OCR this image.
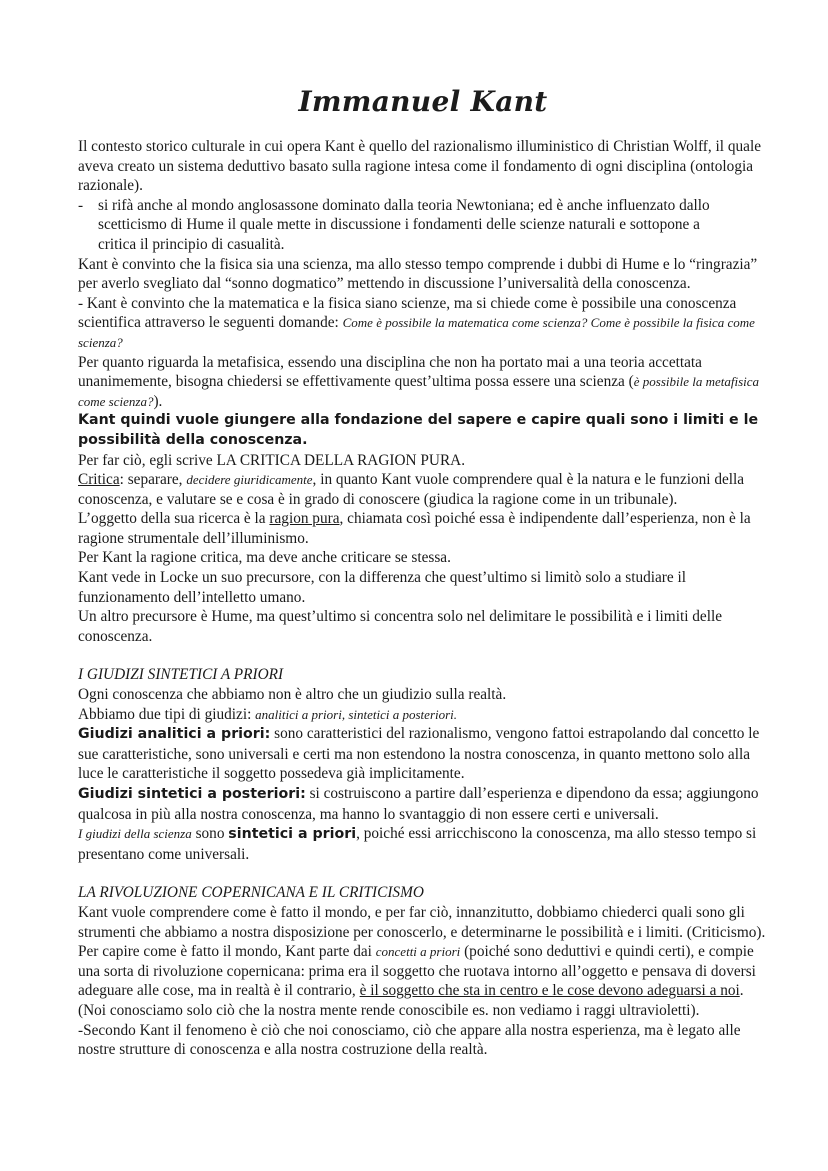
Immanuel Kant

Il contesto storico culturale in cui opera Kant è quello del razionalismo illuministico di Christian Wolff, il quale aveva creato un sistema deduttivo basato sulla ragione intesa come il fondamento di ogni disciplina (ontologia razionale).

- si rifà anche al mondo anglosassone dominato dalla teoria Newtoniana; ed è anche influenzato dallo scetticismo di Hume il quale mette in discussione i fondamenti delle scienze naturali e sottopone a critica il principio di casualità.

Kant è convinto che la fisica sia una scienza, ma allo stesso tempo comprende i dubbi di Hume e lo “ringrazia” per averlo svegliato dal “sonno dogmatico” mettendo in discussione l’universalità della conoscenza.

- Kant è convinto che la matematica e la fisica siano scienze, ma si chiede come è possibile una conoscenza scientifica attraverso le seguenti domande: Come è possibile la matematica come scienza? Come è possibile la fisica come scienza?

Per quanto riguarda la metafisica, essendo una disciplina che non ha portato mai a una teoria accettata unanimemente, bisogna chiedersi se effettivamente quest’ultima possa essere una scienza (è possibile la metafisica come scienza?).

Kant quindi vuole giungere alla fondazione del sapere e capire quali sono i limiti e le possibilità della conoscenza.

Per far ciò, egli scrive LA CRITICA DELLA RAGION PURA.

Critica: separare, decidere giuridicamente, in quanto Kant vuole comprendere qual è la natura e le funzioni della conoscenza, e valutare se e cosa è in grado di conoscere (giudica la ragione come in un tribunale).

L’oggetto della sua ricerca è la ragion pura, chiamata così poiché essa è indipendente dall’esperienza, non è la ragione strumentale dell’illuminismo.

Per Kant la ragione critica, ma deve anche criticare se stessa.

Kant vede in Locke un suo precursore, con la differenza che quest’ultimo si limitò solo a studiare il funzionamento dell’intelletto umano.

Un altro precursore è Hume, ma quest’ultimo si concentra solo nel delimitare le possibilità e i limiti delle conoscenza.

I GIUDIZI SINTETICI A PRIORI

Ogni conoscenza che abbiamo non è altro che un giudizio sulla realtà.

Abbiamo due tipi di giudizi: analitici a priori, sintetici a posteriori.

Giudizi analitici a priori: sono caratteristici del razionalismo, vengono fattoi estrapolando dal concetto le sue caratteristiche, sono universali e certi ma non estendono la nostra conoscenza, in quanto mettono solo alla luce le caratteristiche il soggetto possedeva già implicitamente.

Giudizi sintetici a posteriori: si costruiscono a partire dall’esperienza e dipendono da essa; aggiungono qualcosa in più alla nostra conoscenza, ma hanno lo svantaggio di non essere certi e universali.

I giudizi della scienza sono sintetici a priori, poiché essi arricchiscono la conoscenza, ma allo stesso tempo si presentano come universali.

LA RIVOLUZIONE COPERNICANA E IL CRITICISMO

Kant vuole comprendere come è fatto il mondo, e per far ciò, innanzitutto, dobbiamo chiederci quali sono gli strumenti che abbiamo a nostra disposizione per conoscerlo, e determinarne le possibilità e i limiti. (Criticismo).

Per capire come è fatto il mondo, Kant parte dai concetti a priori (poiché sono deduttivi e quindi certi), e compie una sorta di rivoluzione copernicana: prima era il soggetto che ruotava intorno all’oggetto e pensava di doversi adeguare alle cose, ma in realtà è il contrario, è il soggetto che sta in centro e le cose devono adeguarsi a noi.

(Noi conosciamo solo ciò che la nostra mente rende conoscibile es. non vediamo i raggi ultravioletti).

-Secondo Kant il fenomeno è ciò che noi conosciamo, ciò che appare alla nostra esperienza, ma è legato alle nostre strutture di conoscenza e alla nostra costruzione della realtà.
